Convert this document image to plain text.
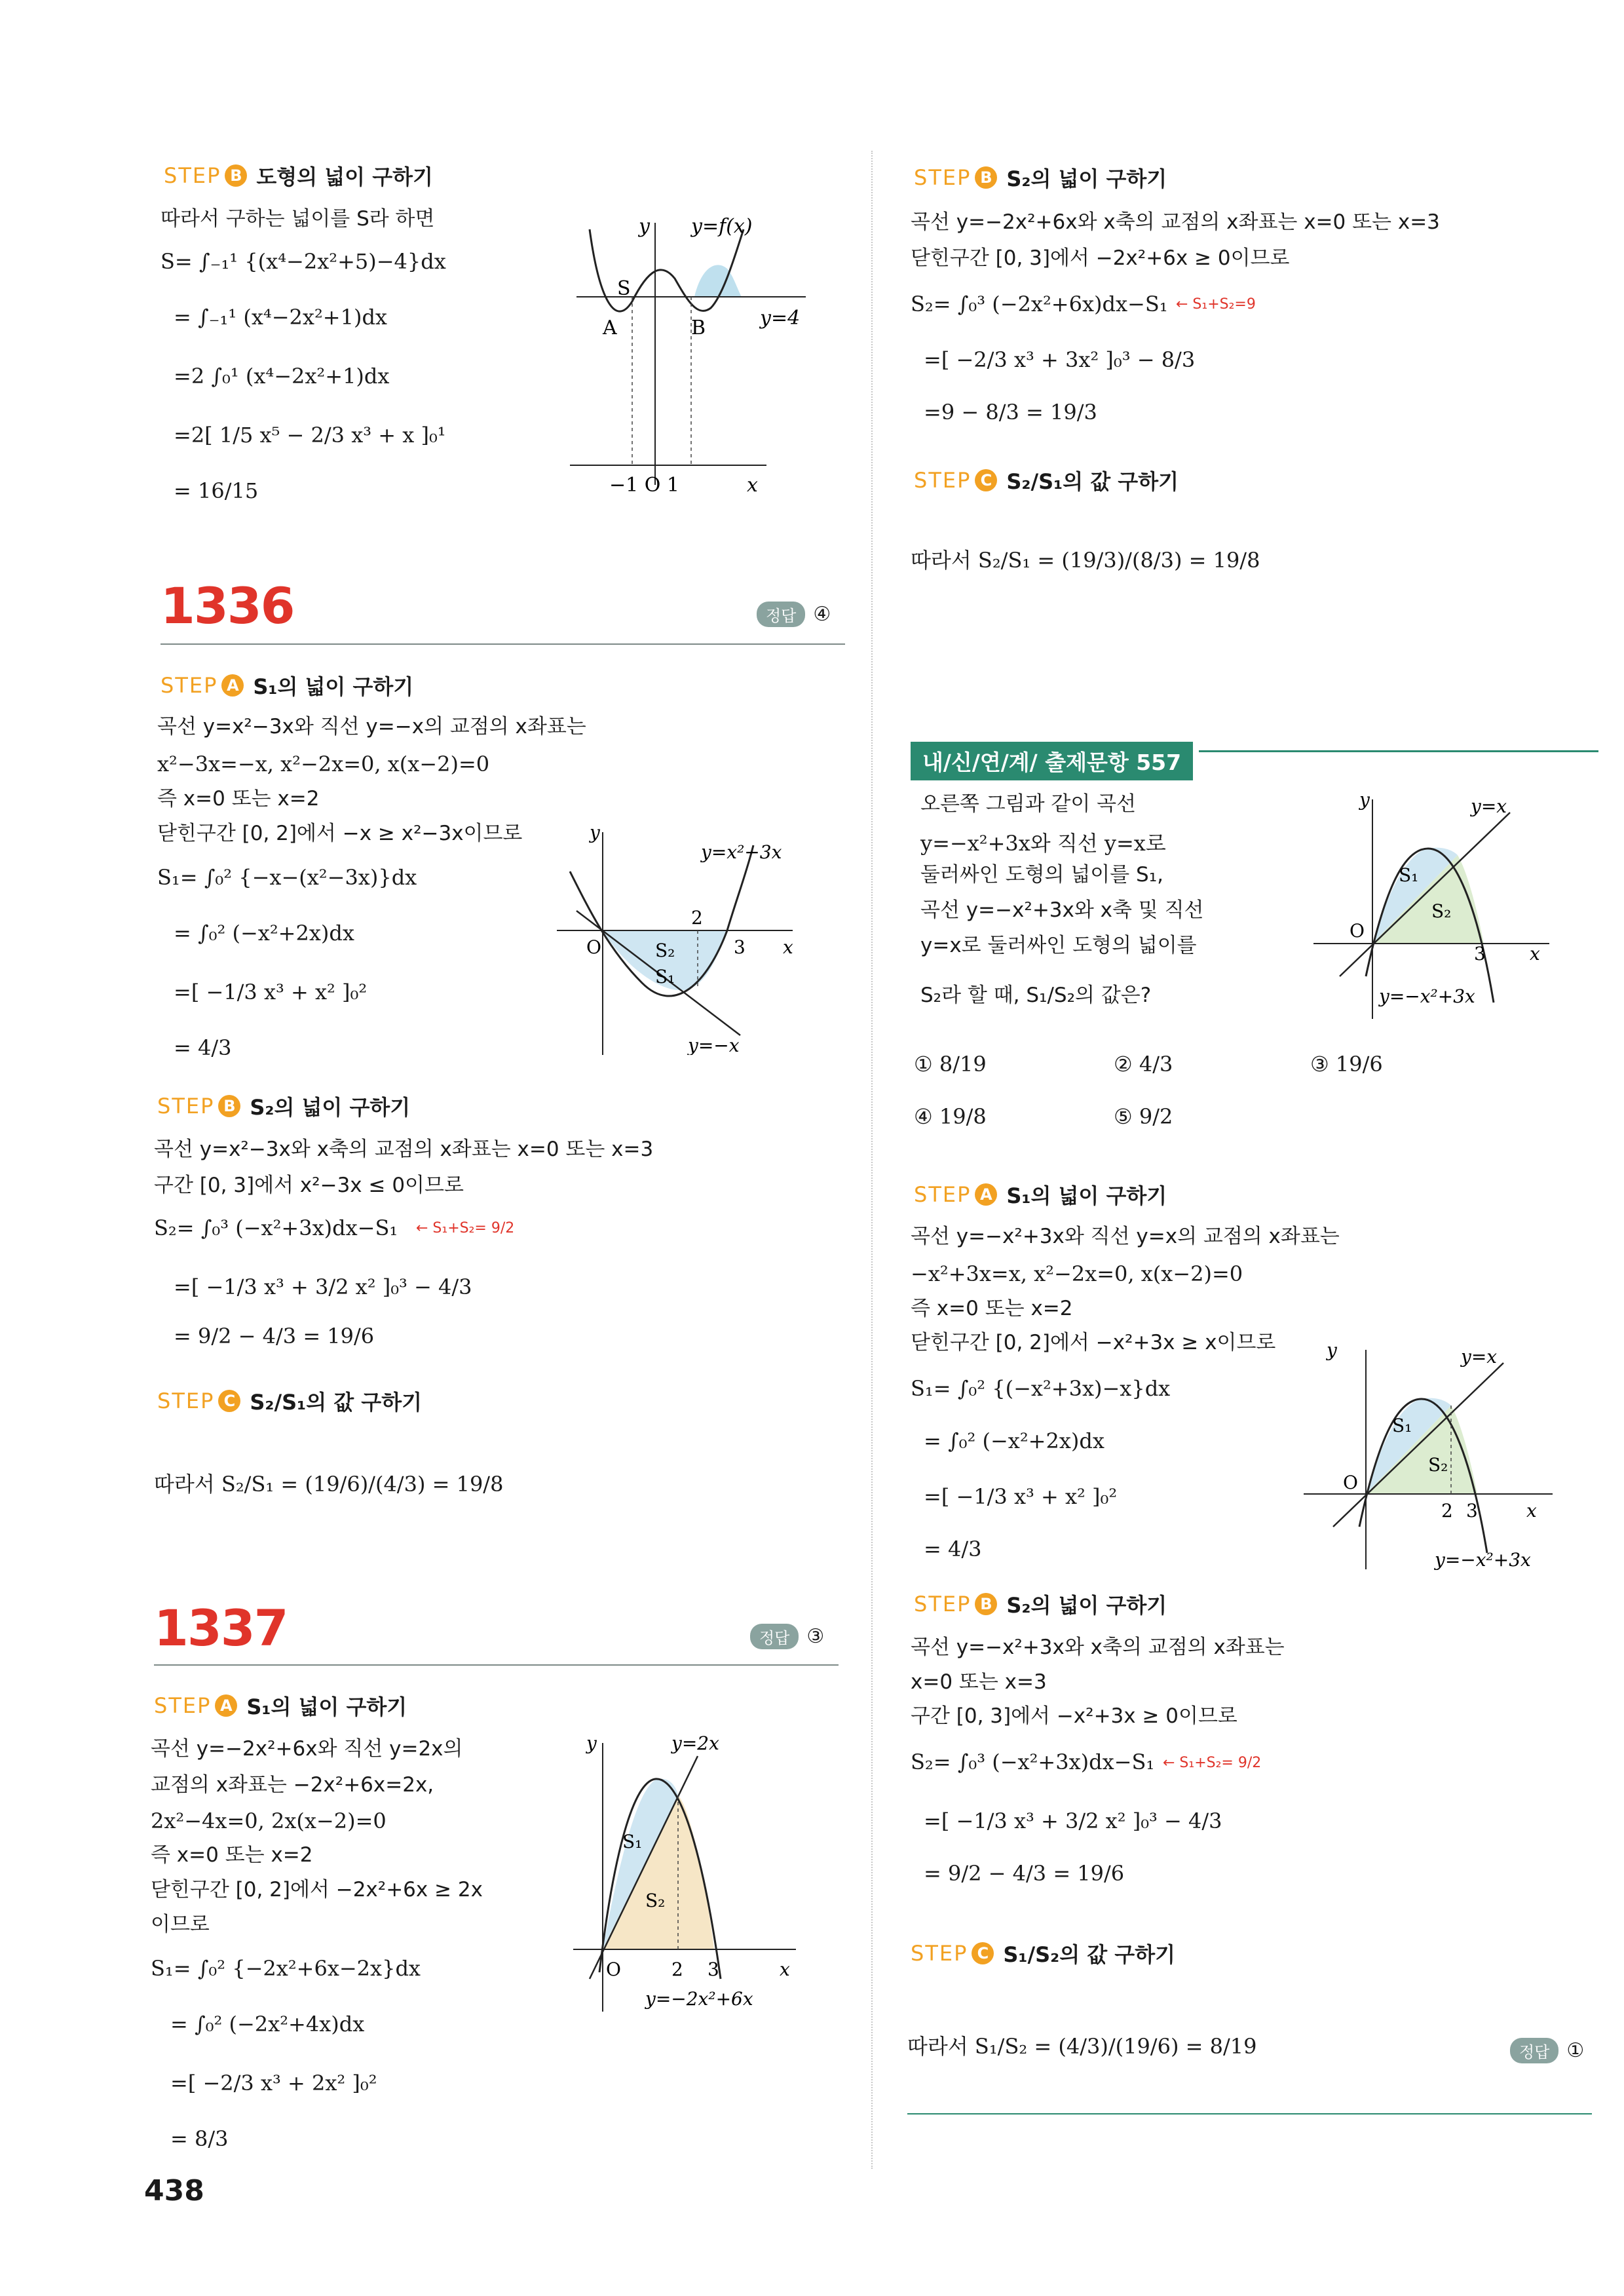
STEP B 도형의 넓이 구하기
따라서 구하는 넓이를 S라 하면
S= ∫₋₁¹ {(x⁴−2x²+5)−4}dx
= ∫₋₁¹ (x⁴−2x²+1)dx
=2 ∫₀¹ (x⁴−2x²+1)dx
=2[ 1/5 x⁵ − 2/3 x³ + x ]₀¹
= 16/15
y y=f(x)
y=4
S
A	B
−1 O 1	x
1336	정답 ④
STEP A S₁의 넓이 구하기
곡선 y=x²−3x와 직선 y=−x의 교점의 x좌표는
x²−3x=−x, x²−2x=0, x(x−2)=0
즉 x=0 또는 x=2
닫힌구간 [0, 2]에서 −x ≥ x²−3x이므로
S₁= ∫₀² {−x−(x²−3x)}dx
= ∫₀² (−x²+2x)dx
=[ −1/3 x³ + x² ]₀²
= 4/3
y
y=x²−3x
y=−x
O
2
3 x
S₁
S₂
STEP B S₂의 넓이 구하기
곡선 y=x²−3x와 x축의 교점의 x좌표는 x=0 또는 x=3
구간 [0, 3]에서 x²−3x ≤ 0이므로
S₂= ∫₀³ (−x²+3x)dx−S₁ ← S₁+S₂= 9/2
=[ −1/3 x³ + 3/2 x² ]₀³ − 4/3
= 9/2 − 4/3 = 19/6
STEP C S₂/S₁의 값 구하기
따라서 S₂/S₁ = (19/6)/(4/3) = 19/8
1337	정답 ③
STEP A S₁의 넓이 구하기
곡선 y=−2x²+6x와 직선 y=2x의
교점의 x좌표는 −2x²+6x=2x,
2x²−4x=0, 2x(x−2)=0
즉 x=0 또는 x=2
닫힌구간 [0, 2]에서 −2x²+6x ≥ 2x
이므로
S₁= ∫₀² {−2x²+6x−2x}dx
= ∫₀² (−2x²+4x)dx
=[ −2/3 x³ + 2x² ]₀²
= 8/3
y	y=2x
y=−2x²+6x
O	2 3	x
S₁
S₂
438
STEP B S₂의 넓이 구하기
곡선 y=−2x²+6x와 x축의 교점의 x좌표는 x=0 또는 x=3
닫힌구간 [0, 3]에서 −2x²+6x ≥ 0이므로
S₂= ∫₀³ (−2x²+6x)dx−S₁ ← S₁+S₂=9
=[ −2/3 x³ + 3x² ]₀³ − 8/3
=9 − 8/3 = 19/3
STEP C S₂/S₁의 값 구하기
따라서 S₂/S₁ = (19/3)/(8/3) = 19/8
내/신/연/계/ 출제문항 557
오른쪽 그림과 같이 곡선
y=−x²+3x와 직선 y=x로
둘러싸인 도형의 넓이를 S₁,
곡선 y=−x²+3x와 x축 및 직선
y=x로 둘러싸인 도형의 넓이를
S₂라 할 때, S₁/S₂의 값은?
y	y=x
y=−x²+3x
O
3 x
S₁
S₂
① 8/19	② 4/3	③ 19/6
④ 19/8	⑤ 9/2
STEP A S₁의 넓이 구하기
곡선 y=−x²+3x와 직선 y=x의 교점의 x좌표는
−x²+3x=x, x²−2x=0, x(x−2)=0
즉 x=0 또는 x=2
닫힌구간 [0, 2]에서 −x²+3x ≥ x이므로
S₁= ∫₀² {(−x²+3x)−x}dx
= ∫₀² (−x²+2x)dx
=[ −1/3 x³ + x² ]₀²
= 4/3
y	y=x
y=−x²+3x
O
2 3	x
S₁
S₂
STEP B S₂의 넓이 구하기
곡선 y=−x²+3x와 x축의 교점의 x좌표는
x=0 또는 x=3
구간 [0, 3]에서 −x²+3x ≥ 0이므로
S₂= ∫₀³ (−x²+3x)dx−S₁ ← S₁+S₂= 9/2
=[ −1/3 x³ + 3/2 x² ]₀³ − 4/3
= 9/2 − 4/3 = 19/6
STEP C S₁/S₂의 값 구하기
따라서 S₁/S₂ = (4/3)/(19/6) = 8/19	정답 ①
